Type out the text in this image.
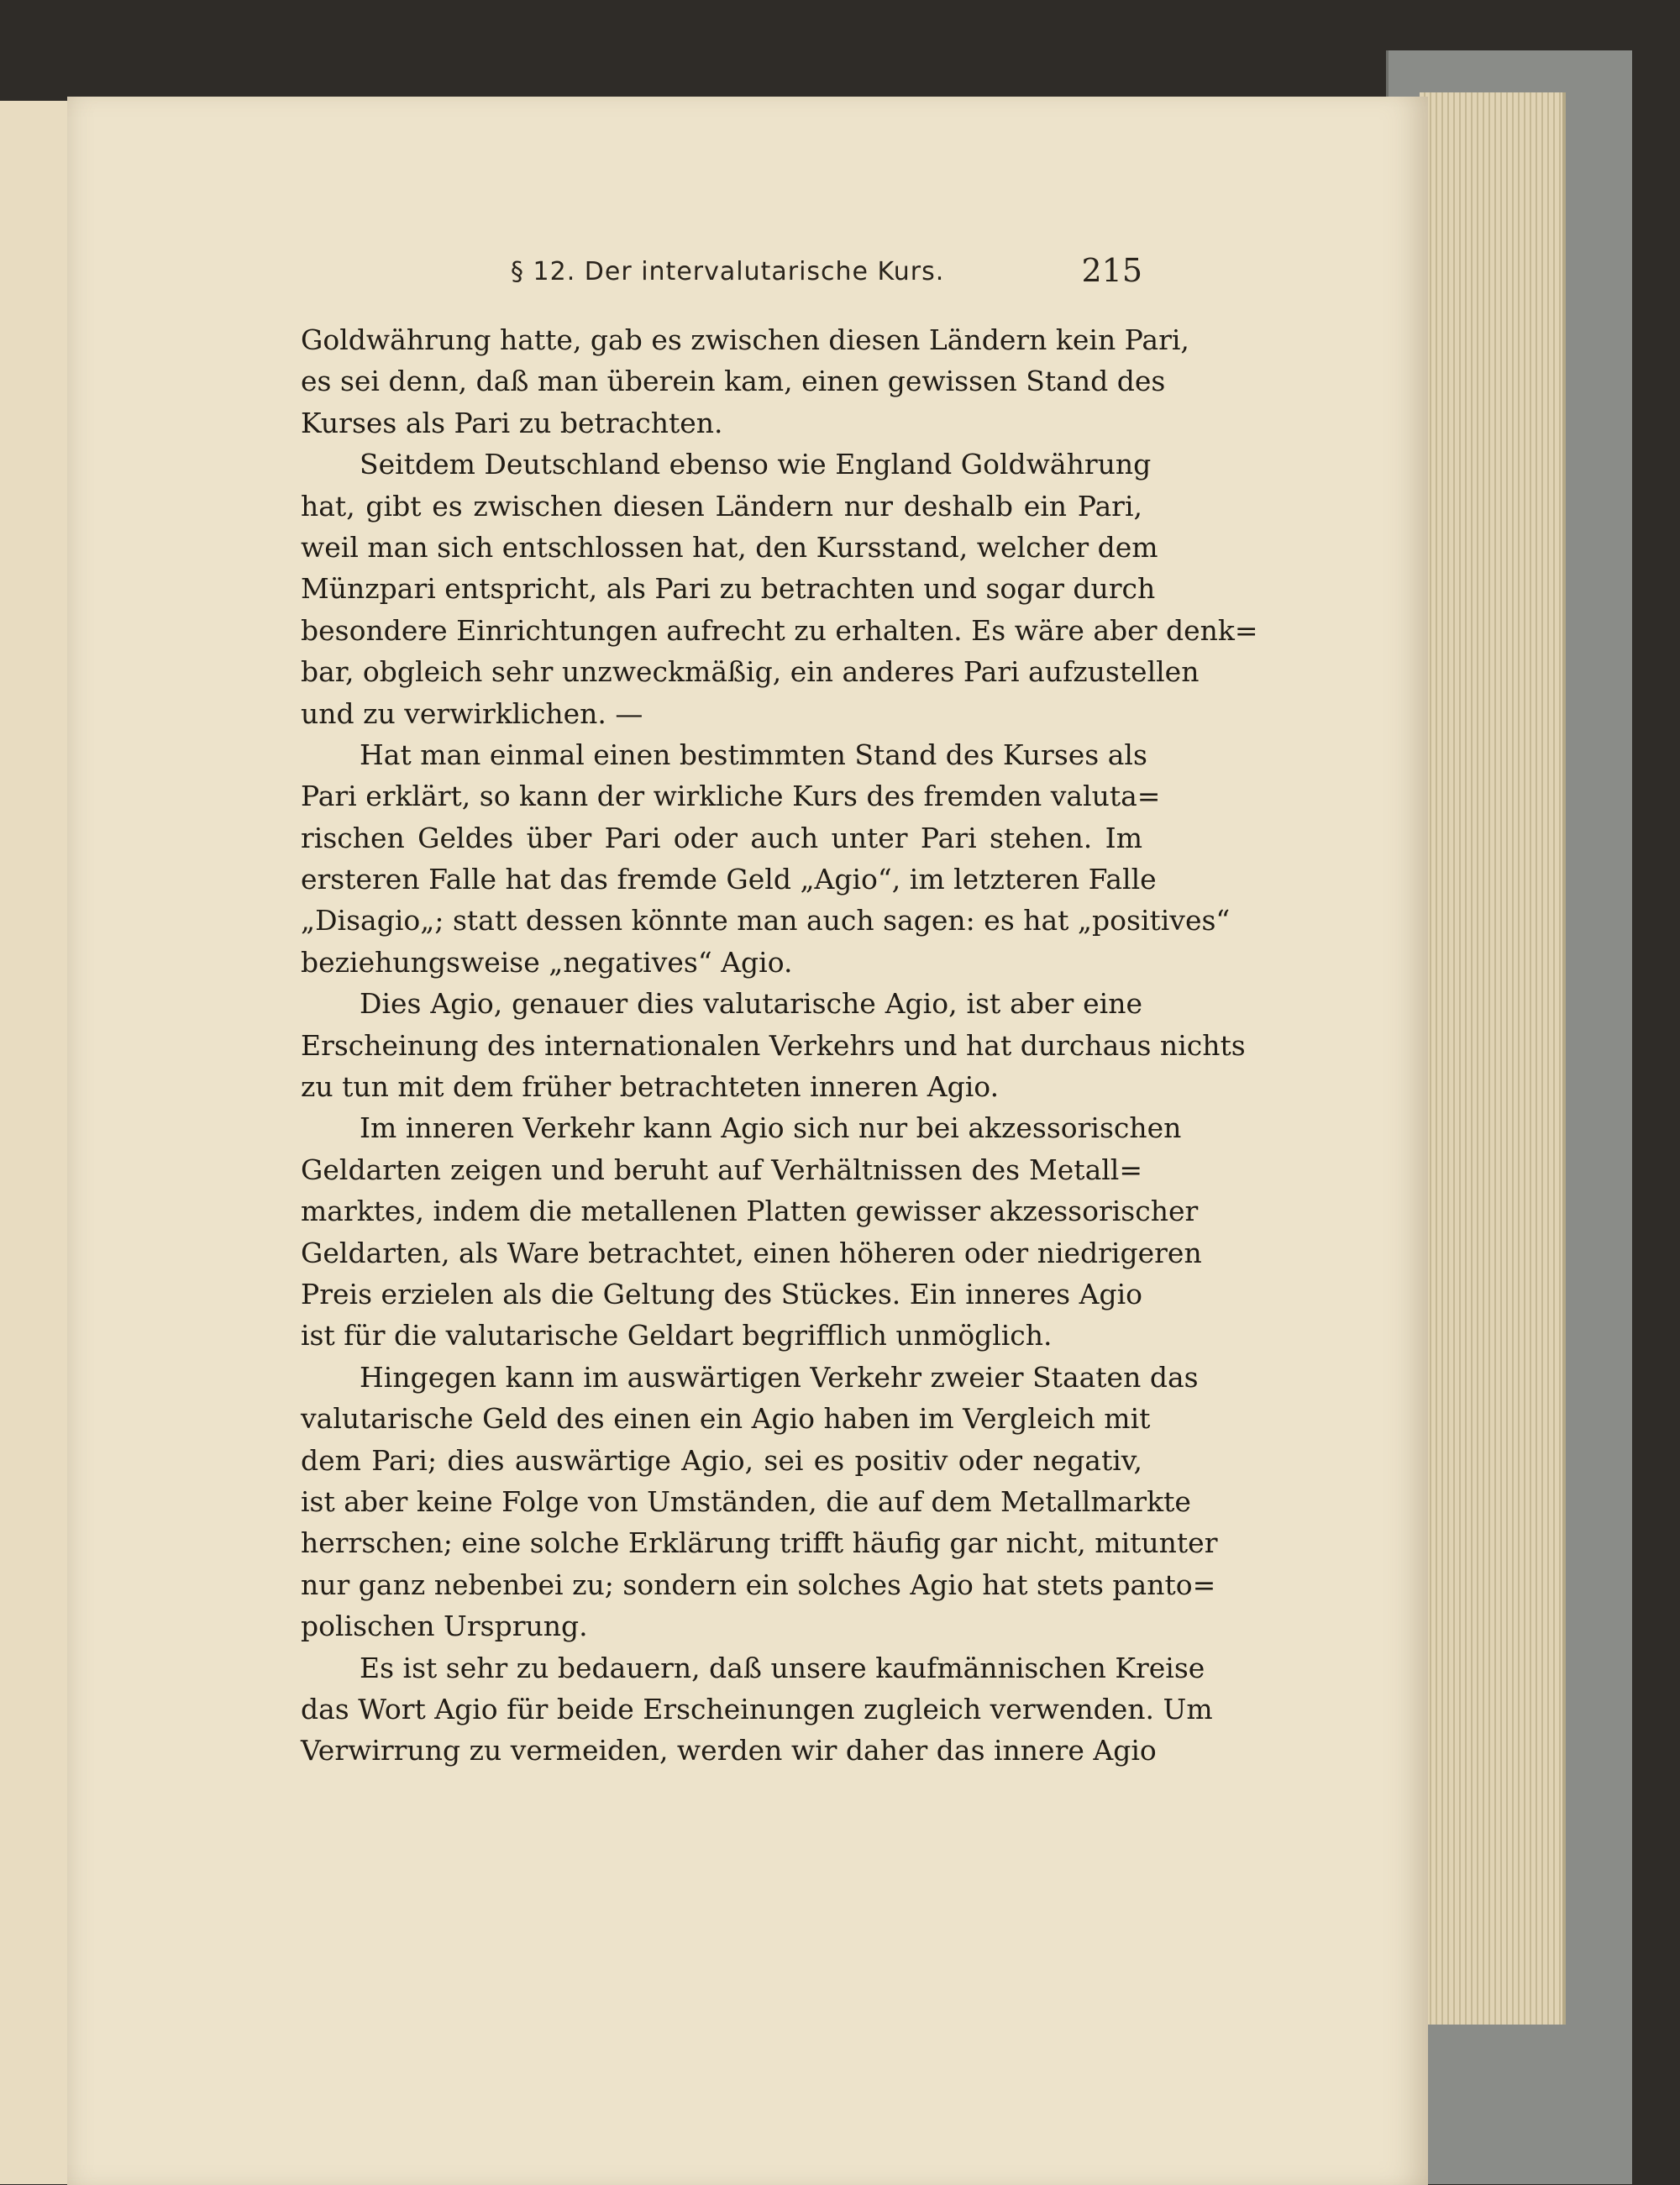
§ 12. Der intervalutarische Kurs.	215
Goldwährung hatte, gab es zwischen diesen Ländern kein Pari,
es sei denn, daß man überein kam, einen gewissen Stand des
Kurses als Pari zu betrachten.
Seitdem Deutschland ebenso wie England Goldwährung
hat, gibt es zwischen diesen Ländern nur deshalb ein Pari,
weil man sich entschlossen hat, den Kursstand, welcher dem
Münzpari entspricht, als Pari zu betrachten und sogar durch
besondere Einrichtungen aufrecht zu erhalten. Es wäre aber denk=
bar, obgleich sehr unzweckmäßig, ein anderes Pari aufzustellen
und zu verwirklichen. —
Hat man einmal einen bestimmten Stand des Kurses als
Pari erklärt, so kann der wirkliche Kurs des fremden valuta=
rischen Geldes über Pari oder auch unter Pari stehen. Im
ersteren Falle hat das fremde Geld „Agio“, im letzteren Falle
„Disagio„; statt dessen könnte man auch sagen: es hat „positives“
beziehungsweise „negatives“ Agio.
Dies Agio, genauer dies valutarische Agio, ist aber eine
Erscheinung des internationalen Verkehrs und hat durchaus nichts
zu tun mit dem früher betrachteten inneren Agio.
Im inneren Verkehr kann Agio sich nur bei akzessorischen
Geldarten zeigen und beruht auf Verhältnissen des Metall=
marktes, indem die metallenen Platten gewisser akzessorischer
Geldarten, als Ware betrachtet, einen höheren oder niedrigeren
Preis erzielen als die Geltung des Stückes. Ein inneres Agio
ist für die valutarische Geldart begrifflich unmöglich.
Hingegen kann im auswärtigen Verkehr zweier Staaten das
valutarische Geld des einen ein Agio haben im Vergleich mit
dem Pari; dies auswärtige Agio, sei es positiv oder negativ,
ist aber keine Folge von Umständen, die auf dem Metallmarkte
herrschen; eine solche Erklärung trifft häufig gar nicht, mitunter
nur ganz nebenbei zu; sondern ein solches Agio hat stets panto=
polischen Ursprung.
Es ist sehr zu bedauern, daß unsere kaufmännischen Kreise
das Wort Agio für beide Erscheinungen zugleich verwenden. Um
Verwirrung zu vermeiden, werden wir daher das innere Agio
